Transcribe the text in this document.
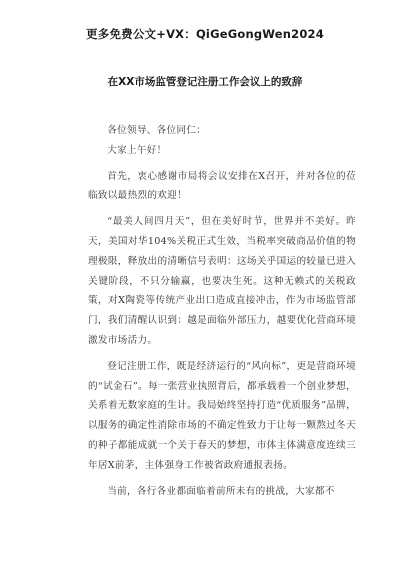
更多免费公文+VX：QiGeGongWen2024
在XX市场监管登记注册工作会议上的致辞

各位领导、各位同仁：

大家上午好！

首先，衷心感谢市局将会议安排在X召开，并对各位的莅临致以最热烈的欢迎！

“最美人间四月天”，但在美好时节，世界并不美好。昨天，美国对华104%关税正式生效，当税率突破商品价值的物理极限，释放出的清晰信号表明：这场关乎国运的较量已进入关键阶段，不只分输赢，也要决生死。这种无赖式的关税政策，对X陶瓷等传统产业出口造成直接冲击，作为市场监管部门，我们清醒认识到：越是面临外部压力，越要优化营商环境激发市场活力。

登记注册工作，既是经济运行的“风向标”，更是营商环境的“试金石”。每一张营业执照背后，都承载着一个创业梦想，关系着无数家庭的生计。我局始终坚持打造“优质服务”品牌，以服务的确定性消除市场的不确定性致力于让每一颗熬过冬天的种子都能成就一个关于春天的梦想，市体主体满意度连续三年居X前茅，主体强身工作被省政府通报表扬。

当前，各行各业都面临着前所未有的挑战，大家都不
